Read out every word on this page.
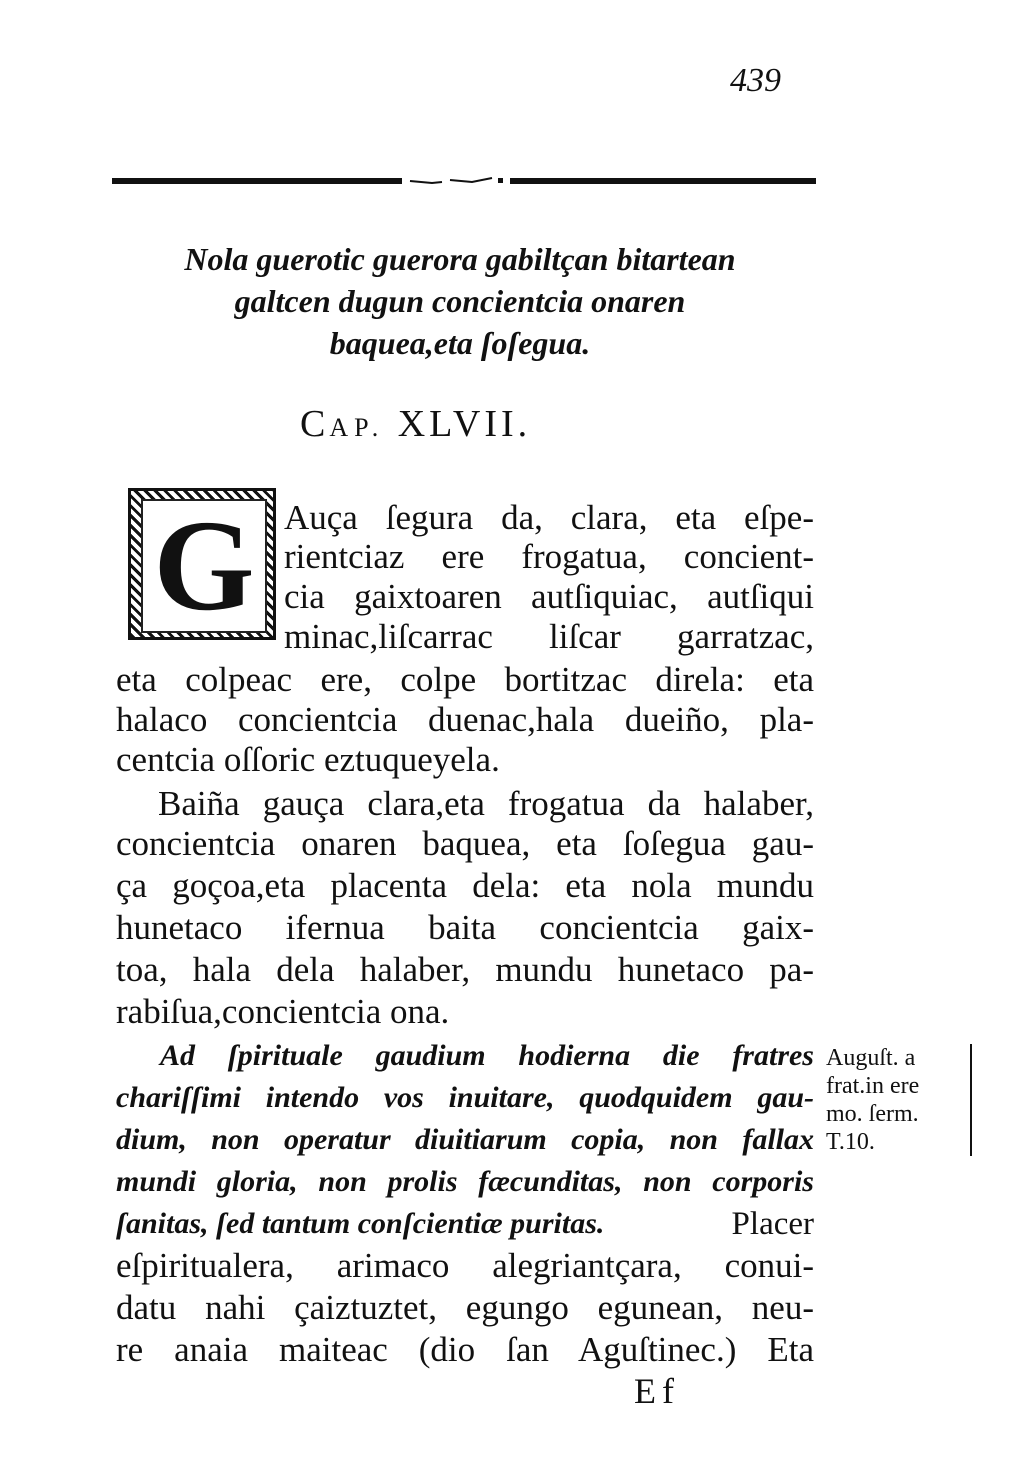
439
Nola guerotic guerora gabiltçan bitartean
galtcen dugun concientcia onaren
baquea,eta ſoſegua.
CAP. XLVII.
G Auça ſegura da, clara, eta eſpe-
rientciaz ere frogatua, concient-
cia gaixtoaren autſiquiac, autſiqui
minac,liſcarrac liſcar garratzac,
eta colpeac ere, colpe bortitzac direla: eta
halaco concientcia duenac,hala dueiño, pla-
centcia oſſoric eztuqueyela.
Baiña gauça clara,eta frogatua da halaber,
concientcia onaren baquea, eta ſoſegua gau-
ça goçoa,eta placenta dela: eta nola mundu
hunetaco ifernua baita concientcia gaix-
toa, hala dela halaber, mundu hunetaco pa-
rabiſua,concientcia ona.
Ad ſpirituale gaudium hodierna die fratres
chariſſimi intendo vos inuitare, quodquidem gau-
dium, non operatur diuitiarum copia, non fallax
mundi gloria, non prolis fæcunditas, non corporis
ſanitas, ſed tantum conſcientiæ puritas.	Placer
eſpiritualera, arimaco alegriantçara, conui-
datu nahi çaiztuztet, egungo egunean, neu-
re anaia maiteac (dio ſan Aguſtinec.) Eta
Auguſt. a
frat.in ere
mo. ſerm.
T.10.
Ef
